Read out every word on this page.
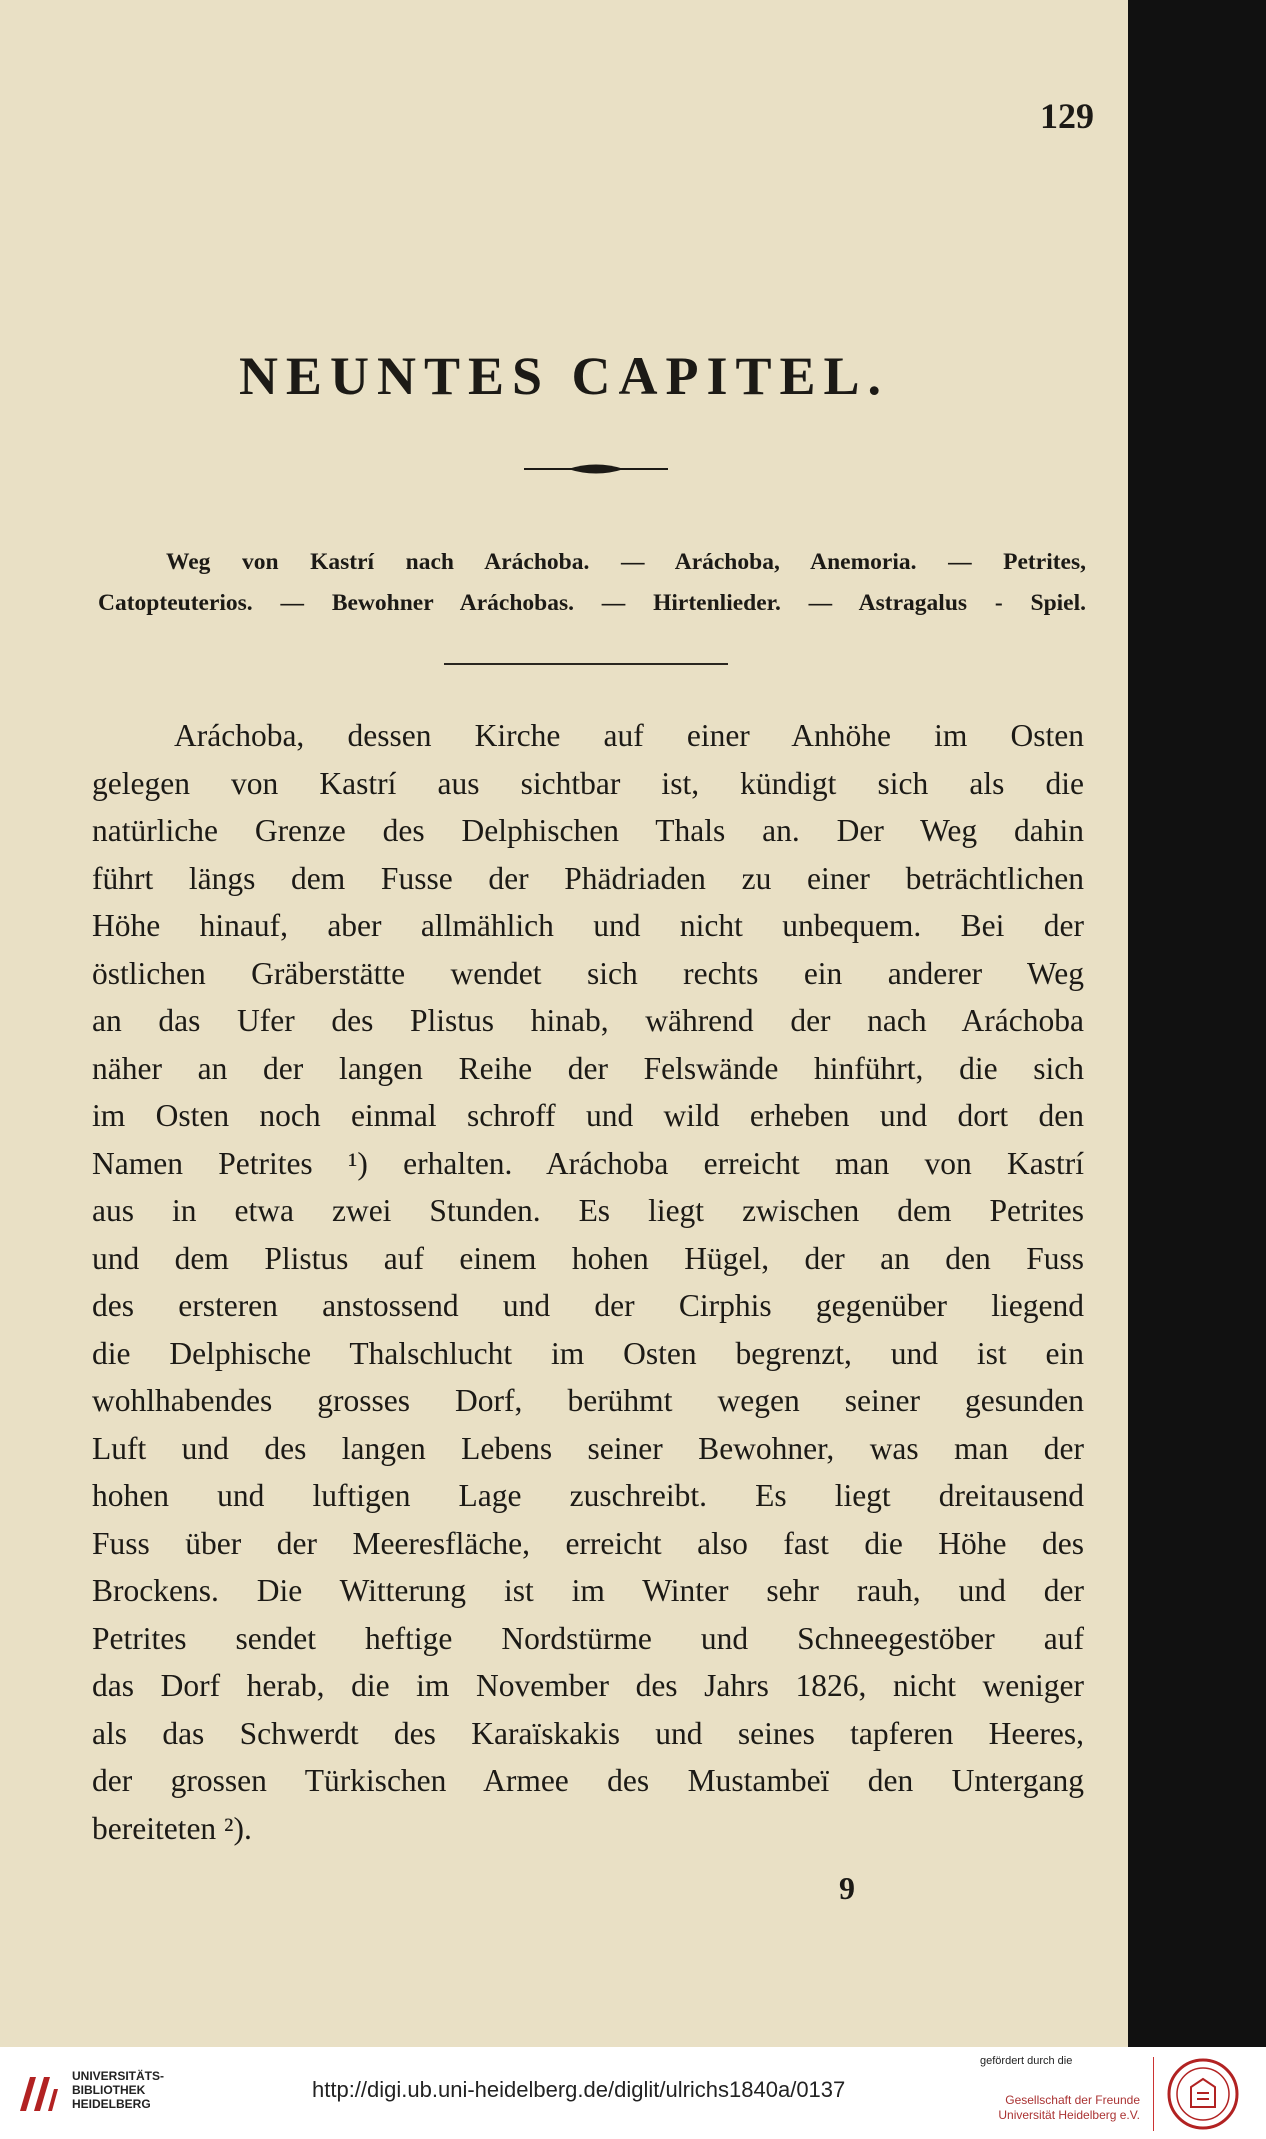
129
NEUNTES CAPITEL.
Weg von Kastrí nach Aráchoba. — Aráchoba, Anemoria. — Petrites,
Catopteuterios. — Bewohner Aráchobas. — Hirtenlieder. — Astragalus - Spiel.
Aráchoba, dessen Kirche auf einer Anhöhe im Osten
gelegen von Kastrí aus sichtbar ist, kündigt sich als die
natürliche Grenze des Delphischen Thals an. Der Weg dahin
führt längs dem Fusse der Phädriaden zu einer beträchtlichen
Höhe hinauf, aber allmählich und nicht unbequem. Bei der
östlichen Gräberstätte wendet sich rechts ein anderer Weg
an das Ufer des Plistus hinab, während der nach Aráchoba
näher an der langen Reihe der Felswände hinführt, die sich
im Osten noch einmal schroff und wild erheben und dort den
Namen Petrites ¹) erhalten. Aráchoba erreicht man von Kastrí
aus in etwa zwei Stunden. Es liegt zwischen dem Petrites
und dem Plistus auf einem hohen Hügel, der an den Fuss
des ersteren anstossend und der Cirphis gegenüber liegend
die Delphische Thalschlucht im Osten begrenzt, und ist ein
wohlhabendes grosses Dorf, berühmt wegen seiner gesunden
Luft und des langen Lebens seiner Bewohner, was man der
hohen und luftigen Lage zuschreibt. Es liegt dreitausend
Fuss über der Meeresfläche, erreicht also fast die Höhe des
Brockens. Die Witterung ist im Winter sehr rauh, und der
Petrites sendet heftige Nordstürme und Schneegestöber auf
das Dorf herab, die im November des Jahrs 1826, nicht weniger
als das Schwerdt des Karaïskakis und seines tapferen Heeres,
der grossen Türkischen Armee des Mustambeï den Untergang
bereiteten ²).
9
UNIVERSITÄTS-
BIBLIOTHEK
HEIDELBERG
http://digi.ub.uni-heidelberg.de/diglit/ulrichs1840a/0137
gefördert durch die
Gesellschaft der Freunde
Universität Heidelberg e.V.
